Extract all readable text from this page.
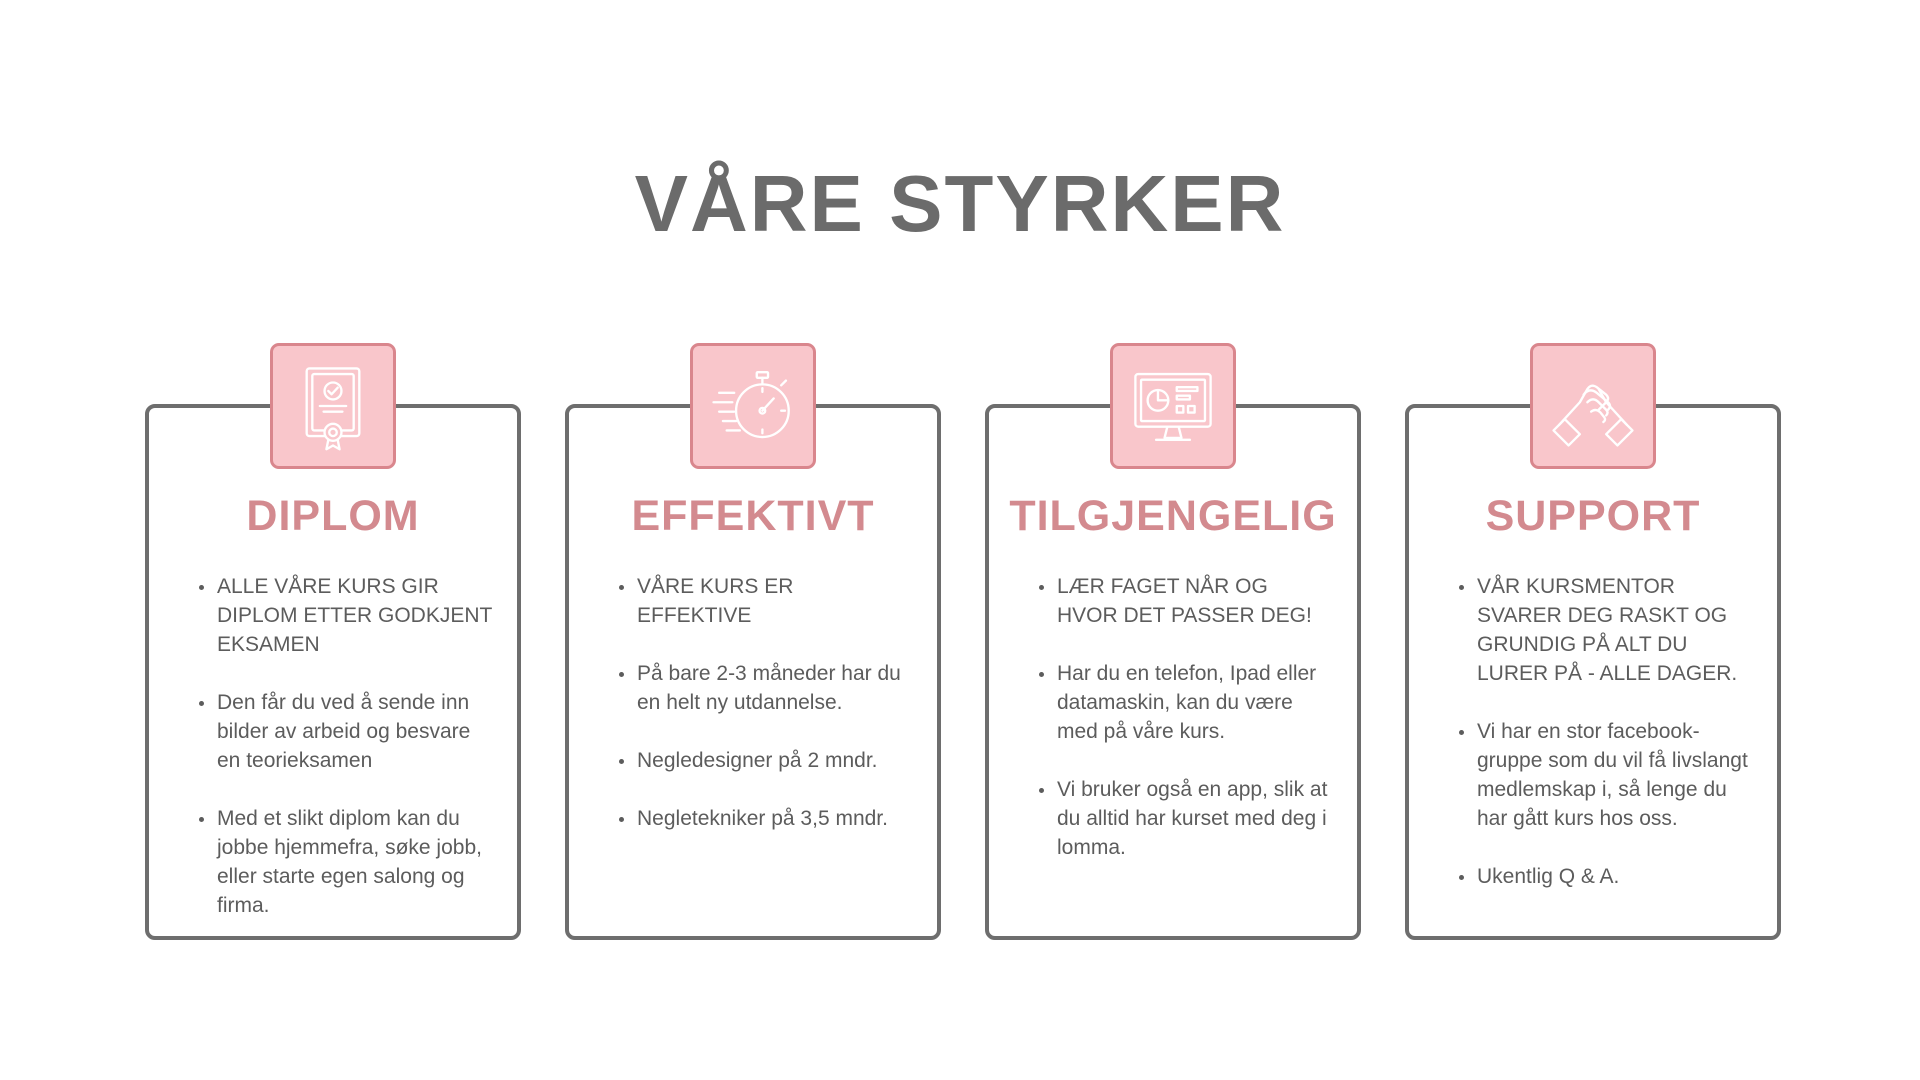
VÅRE STYRKER
DIPLOM
ALLE VÅRE KURS GIR DIPLOM ETTER GODKJENT EKSAMEN
Den får du ved å sende inn bilder av arbeid og besvare en teorieksamen
Med et slikt diplom kan du jobbe hjemmefra, søke jobb, eller starte egen salong og firma.
EFFEKTIVT
VÅRE KURS ER EFFEKTIVE
På bare 2-3 måneder har du en helt ny utdannelse.
Negledesigner på 2 mndr.
Negletekniker på 3,5 mndr.
TILGJENGELIG
LÆR FAGET NÅR OG HVOR DET PASSER DEG!
Har du en telefon, Ipad eller datamaskin, kan du være med på våre kurs.
Vi bruker også en app, slik at du alltid har kurset med deg i lomma.
SUPPORT
VÅR KURSMENTOR SVARER DEG RASKT OG GRUNDIG PÅ ALT DU LURER PÅ - ALLE DAGER.
Vi har en stor facebook-gruppe som du vil få livslangt medlemskap i, så lenge du har gått kurs hos oss.
Ukentlig Q & A.
